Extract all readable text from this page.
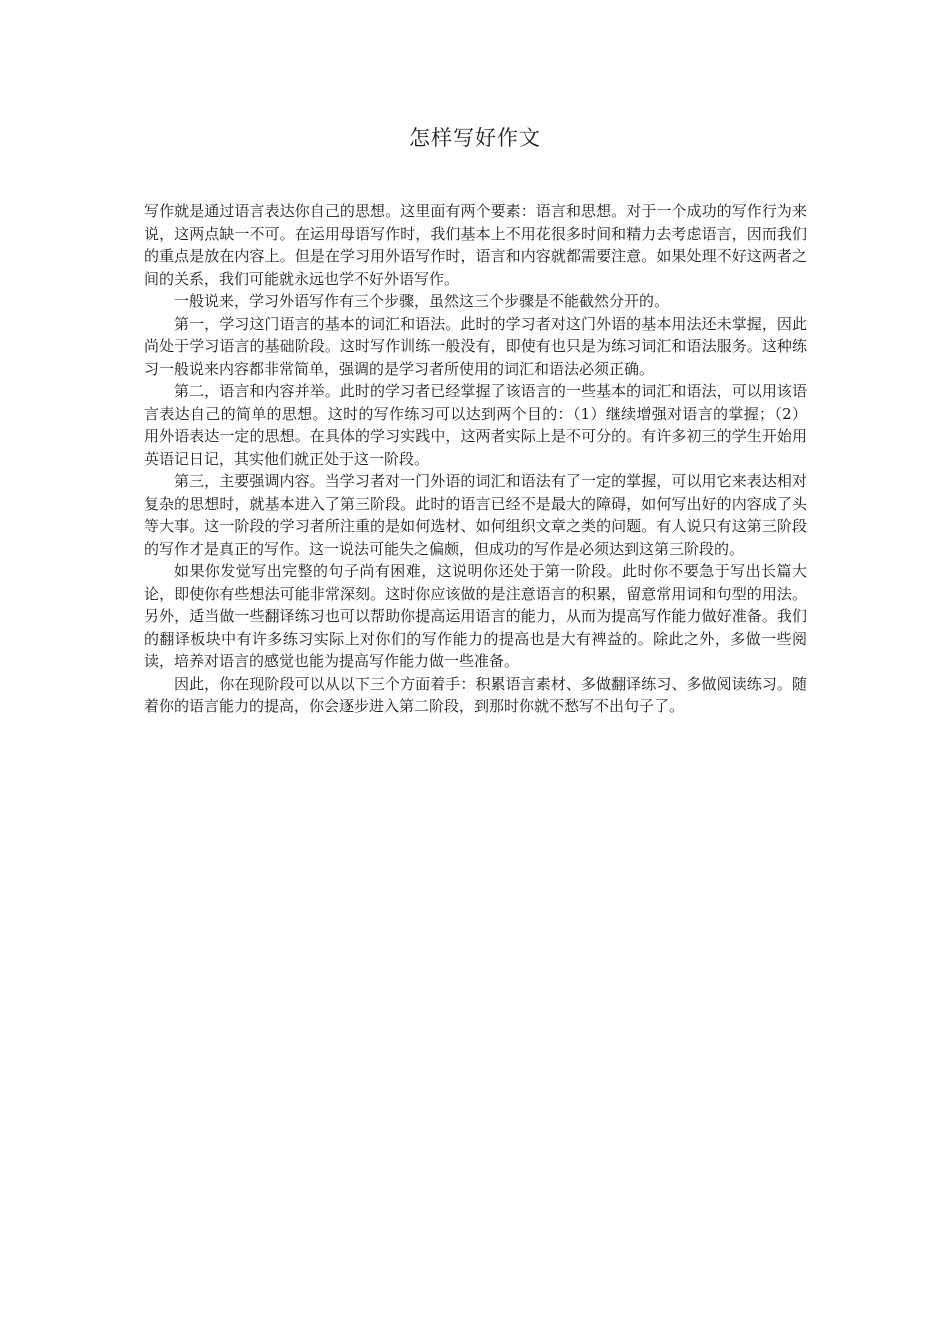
怎样写好作文

写作就是通过语言表达你自己的思想。这里面有两个要素：语言和思想。对于一个成功的写作行为来说，这两点缺一不可。在运用母语写作时，我们基本上不用花很多时间和精力去考虑语言，因而我们的重点是放在内容上。但是在学习用外语写作时，语言和内容就都需要注意。如果处理不好这两者之间的关系，我们可能就永远也学不好外语写作。

一般说来，学习外语写作有三个步骤，虽然这三个步骤是不能截然分开的。

第一，学习这门语言的基本的词汇和语法。此时的学习者对这门外语的基本用法还未掌握，因此尚处于学习语言的基础阶段。这时写作训练一般没有，即使有也只是为练习词汇和语法服务。这种练习一般说来内容都非常简单，强调的是学习者所使用的词汇和语法必须正确。

第二，语言和内容并举。此时的学习者已经掌握了该语言的一些基本的词汇和语法，可以用该语言表达自己的简单的思想。这时的写作练习可以达到两个目的：（1）继续增强对语言的掌握；（2）用外语表达一定的思想。在具体的学习实践中，这两者实际上是不可分的。有许多初三的学生开始用英语记日记，其实他们就正处于这一阶段。

第三，主要强调内容。当学习者对一门外语的词汇和语法有了一定的掌握，可以用它来表达相对复杂的思想时，就基本进入了第三阶段。此时的语言已经不是最大的障碍，如何写出好的内容成了头等大事。这一阶段的学习者所注重的是如何选材、如何组织文章之类的问题。有人说只有这第三阶段的写作才是真正的写作。这一说法可能失之偏颇，但成功的写作是必须达到这第三阶段的。

如果你发觉写出完整的句子尚有困难，这说明你还处于第一阶段。此时你不要急于写出长篇大论，即使你有些想法可能非常深刻。这时你应该做的是注意语言的积累，留意常用词和句型的用法。另外，适当做一些翻译练习也可以帮助你提高运用语言的能力，从而为提高写作能力做好准备。我们的翻译板块中有许多练习实际上对你们的写作能力的提高也是大有裨益的。除此之外，多做一些阅读，培养对语言的感觉也能为提高写作能力做一些准备。

因此，你在现阶段可以从以下三个方面着手：积累语言素材、多做翻译练习、多做阅读练习。随着你的语言能力的提高，你会逐步进入第二阶段，到那时你就不愁写不出句子了。
